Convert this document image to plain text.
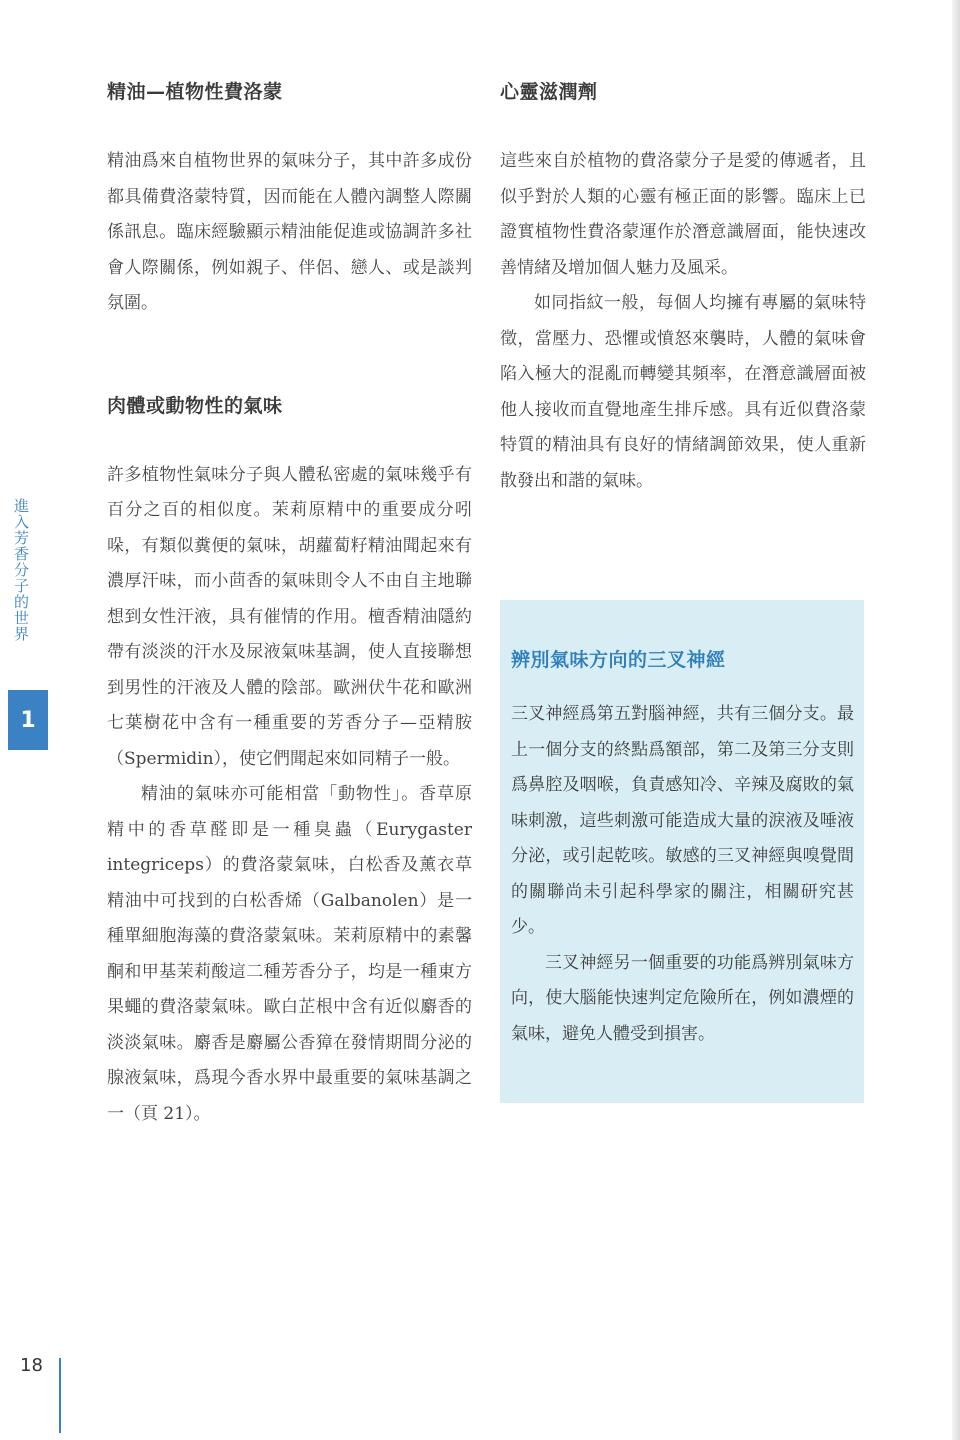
進入芳香分子的世界
1
精油—植物性費洛蒙

精油爲來自植物世界的氣味分子，其中許多成份都具備費洛蒙特質，因而能在人體內調整人際關係訊息。臨床經驗顯示精油能促進或協調許多社會人際關係，例如親子、伴侶、戀人、或是談判氛圍。

肉體或動物性的氣味

許多植物性氣味分子與人體私密處的氣味幾乎有百分之百的相似度。茉莉原精中的重要成分吲哚，有類似糞便的氣味，胡蘿蔔籽精油聞起來有濃厚汗味，而小茴香的氣味則令人不由自主地聯想到女性汗液，具有催情的作用。檀香精油隱約帶有淡淡的汗水及尿液氣味基調，使人直接聯想到男性的汗液及人體的陰部。歐洲伏牛花和歐洲七葉樹花中含有一種重要的芳香分子—亞精胺（Spermidin），使它們聞起來如同精子一般。

精油的氣味亦可能相當「動物性」。香草原精中的香草醛即是一種臭蟲（Eurygaster integriceps）的費洛蒙氣味，白松香及薰衣草精油中可找到的白松香烯（Galbanolen）是一種單細胞海藻的費洛蒙氣味。茉莉原精中的素馨酮和甲基茉莉酸這二種芳香分子，均是一種東方果蠅的費洛蒙氣味。歐白芷根中含有近似麝香的淡淡氣味。麝香是麝屬公香獐在發情期間分泌的腺液氣味，爲現今香水界中最重要的氣味基調之一（頁 21）。

心靈滋潤劑

這些來自於植物的費洛蒙分子是愛的傳遞者，且似乎對於人類的心靈有極正面的影響。臨床上已證實植物性費洛蒙運作於潛意識層面，能快速改善情緒及增加個人魅力及風采。

如同指紋一般，每個人均擁有專屬的氣味特徵，當壓力、恐懼或憤怒來襲時，人體的氣味會陷入極大的混亂而轉變其頻率，在潛意識層面被他人接收而直覺地產生排斥感。具有近似費洛蒙特質的精油具有良好的情緒調節效果，使人重新散發出和諧的氣味。

辨別氣味方向的三叉神經

三叉神經爲第五對腦神經，共有三個分支。最上一個分支的終點爲額部，第二及第三分支則爲鼻腔及咽喉，負責感知冷、辛辣及腐敗的氣味刺激，這些刺激可能造成大量的淚液及唾液分泌，或引起乾咳。敏感的三叉神經與嗅覺間的關聯尚未引起科學家的關注，相關研究甚少。

三叉神經另一個重要的功能爲辨別氣味方向，使大腦能快速判定危險所在，例如濃煙的氣味，避免人體受到損害。

18
